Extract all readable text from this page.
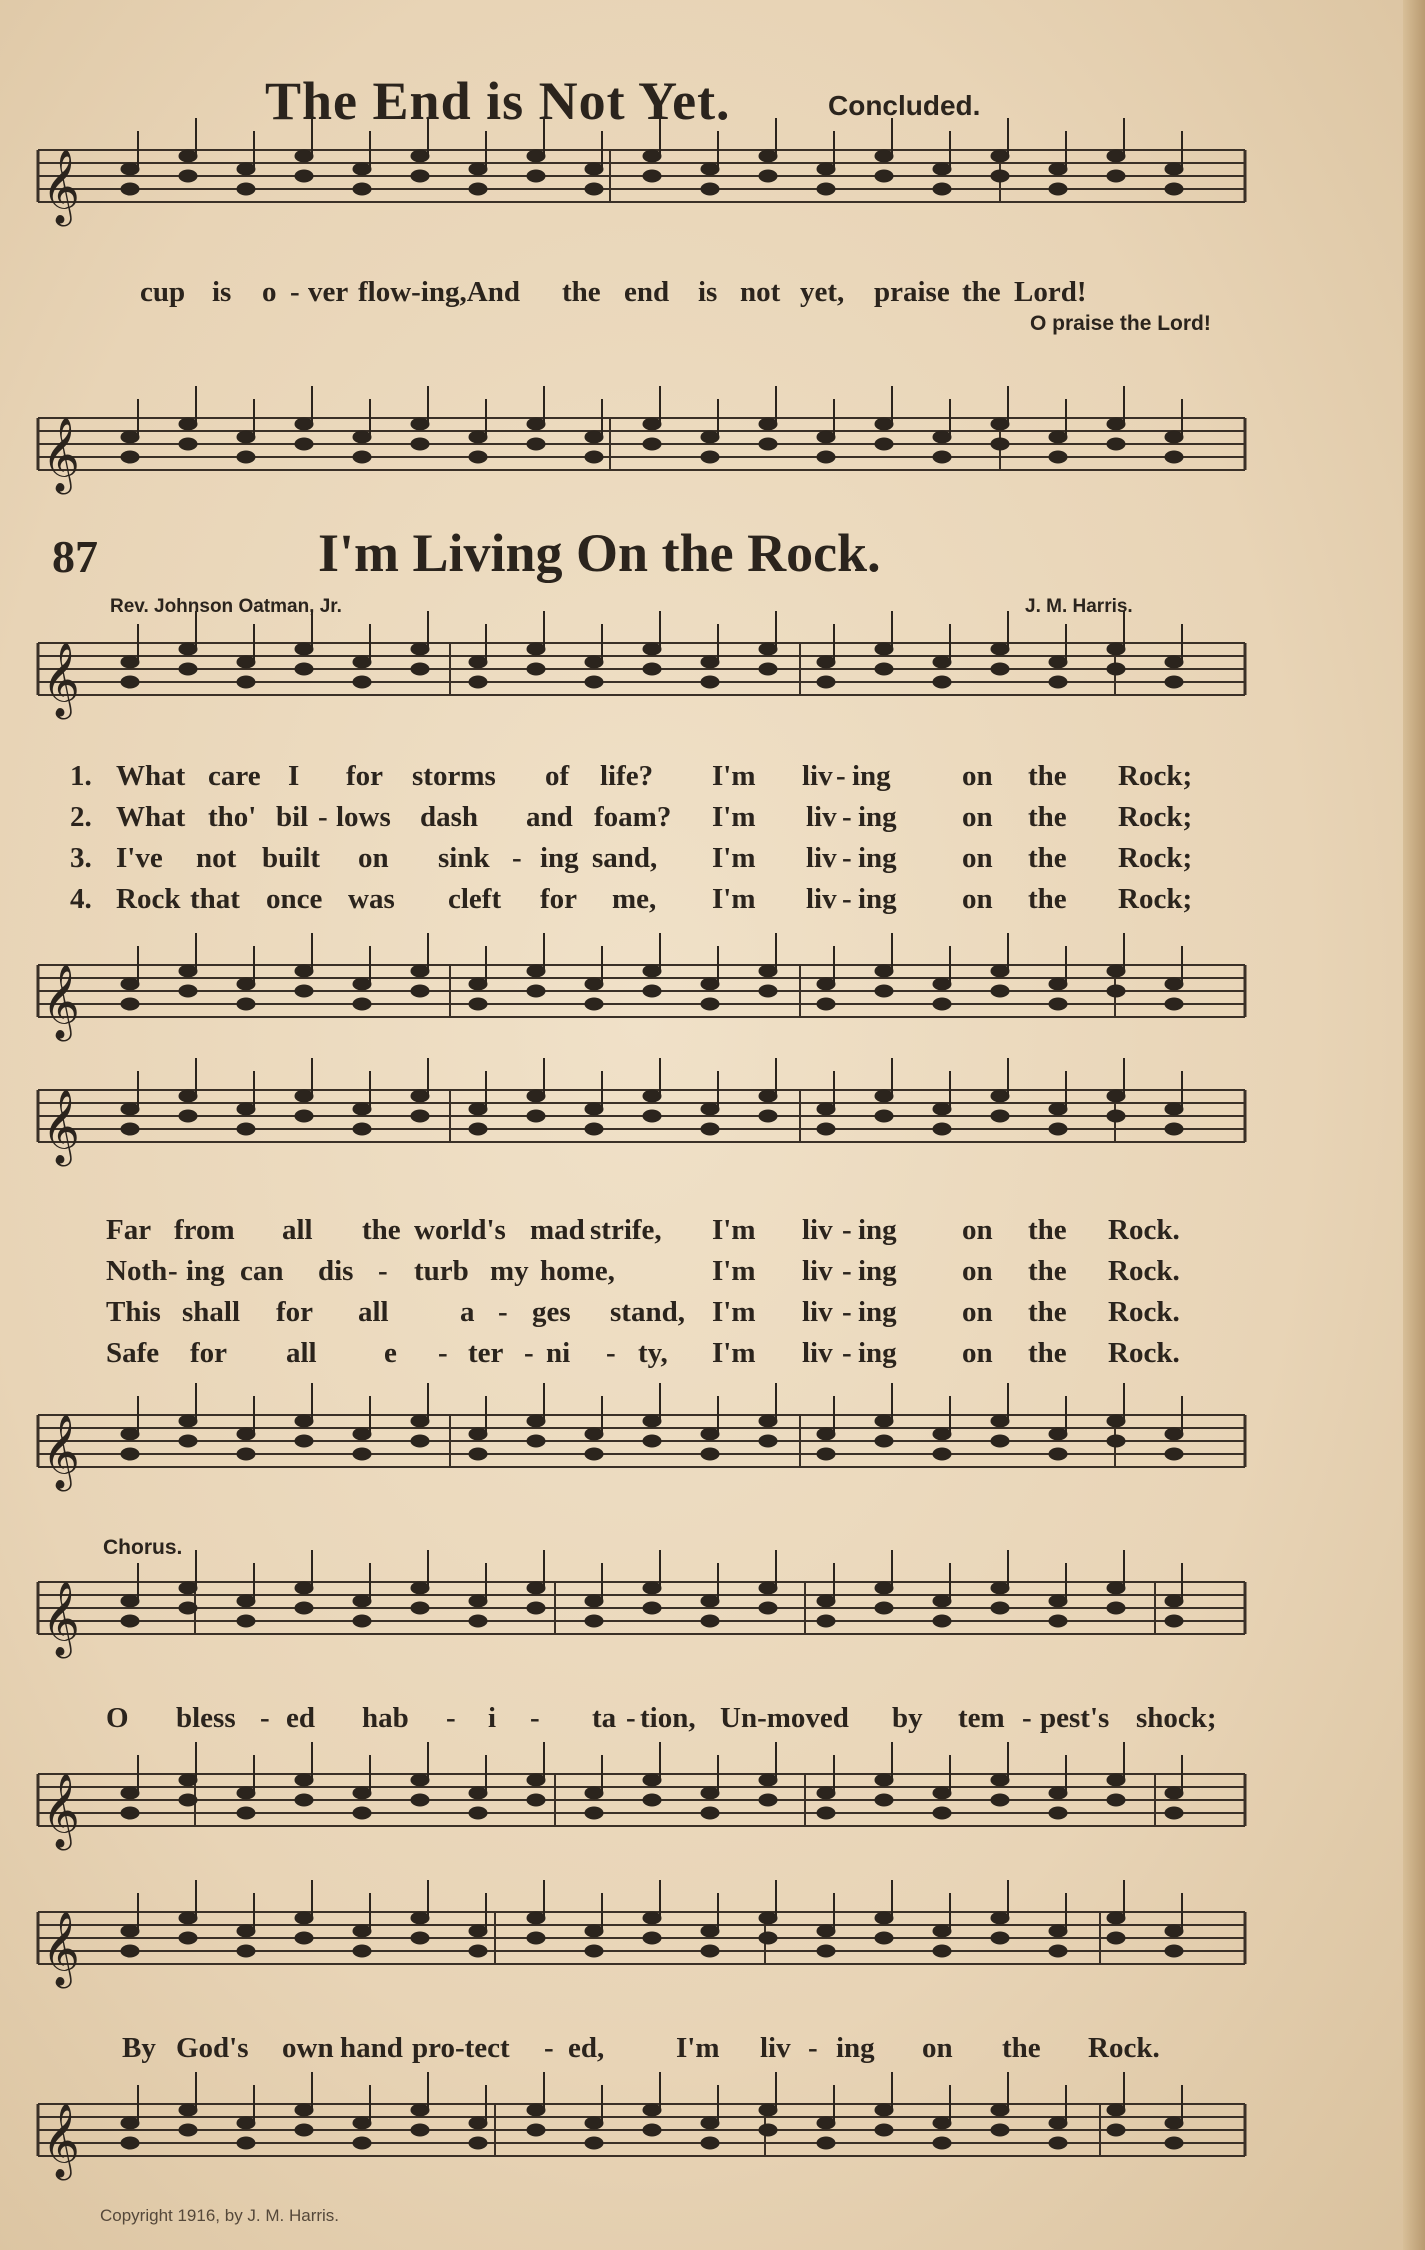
𝄞
𝄞
𝄞
𝄞
𝄞
𝄞
𝄞
𝄞
𝄞
𝄞
The End is Not Yet.	Concluded.
cup is o - ver flow-ing,And the end is not yet, praise the Lord!
O praise the Lord!
87	I'm Living On the Rock.
Rev. Johnson Oatman, Jr.	J. M. Harris.
1. What care I for storms of life? I'm liv - ing on the Rock;
2. What tho' bil - lows dash and foam? I'm liv - ing on the Rock;
3. I've not built on sink - ing sand, I'm liv - ing on the Rock;
4. Rock that once was cleft for me, I'm liv - ing on the Rock;
Far from all the world's mad strife, I'm liv - ing on the Rock.
Noth - ing can dis - turb my home,	I'm liv - ing on the Rock.
This shall for all a - ges stand, I'm liv - ing on the Rock.
Safe for all e - ter - ni - ty, I'm liv - ing on the Rock.
Chorus.
O bless - ed hab - i - ta - tion, Un-moved by tem - pest's shock;
By God's own hand pro-tect - ed, I'm liv - ing on the Rock.
Copyright 1916, by J. M. Harris.
